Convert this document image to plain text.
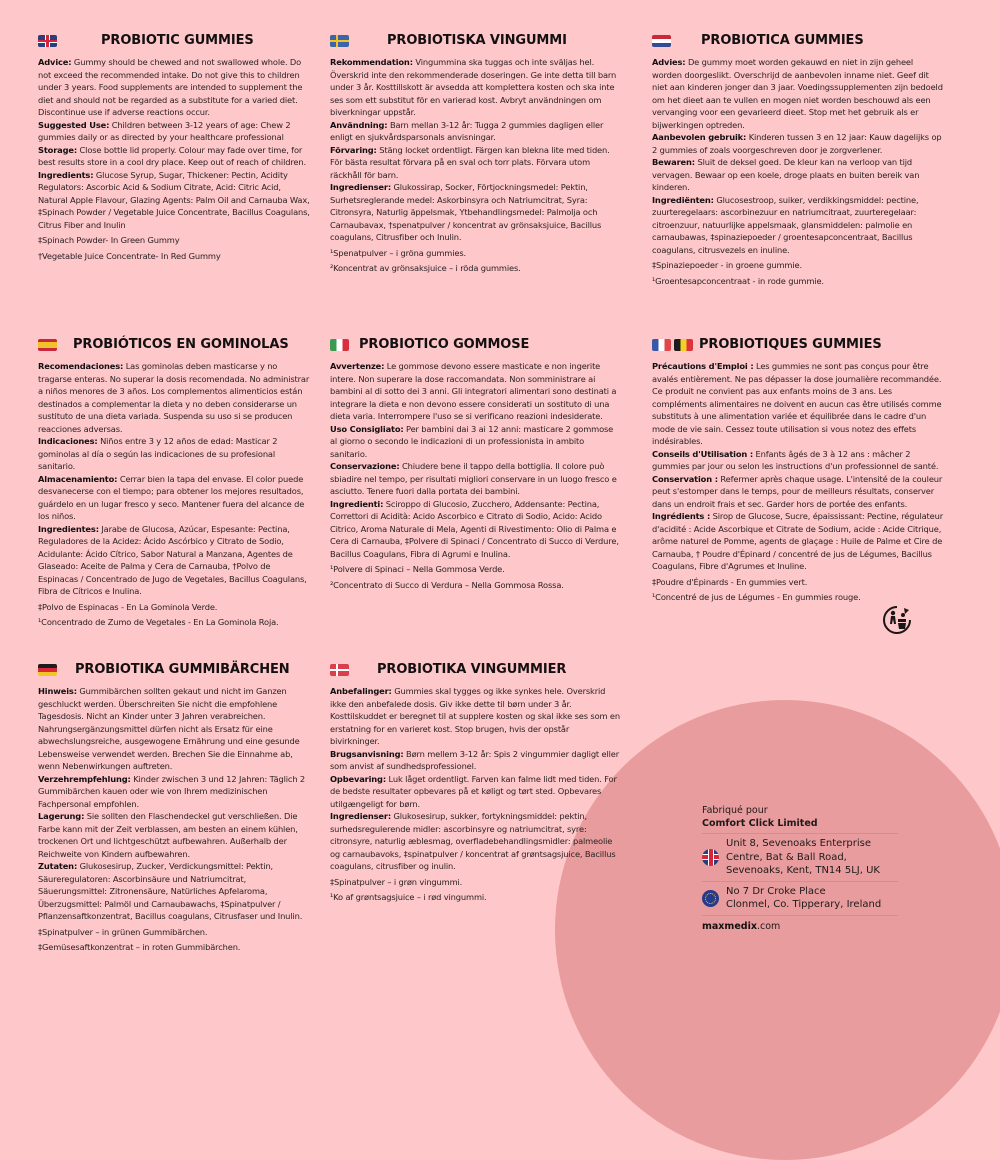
PROBIOTIC GUMMIES

Advice: Gummy should be chewed and not swallowed whole. Do not exceed the recommended intake. Do not give this to children under 3 years. Food supplements are intended to supplement the diet and should not be regarded as a substitute for a varied diet. Discontinue use if adverse reactions occur.

Suggested Use: Children between 3-12 years of age: Chew 2 gummies daily or as directed by your healthcare professional

Storage: Close bottle lid properly. Colour may fade over time, for best results store in a cool dry place. Keep out of reach of children.

Ingredients: Glucose Syrup, Sugar, Thickener: Pectin, Acidity Regulators: Ascorbic Acid & Sodium Citrate, Acid: Citric Acid, Natural Apple Flavour, Glazing Agents: Palm Oil and Carnauba Wax, ‡Spinach Powder / Vegetable Juice Concentrate, Bacillus Coagulans, Citrus Fiber and Inulin

‡Spinach Powder- In Green Gummy

†Vegetable Juice Concentrate- In Red Gummy

PROBIOTISKA VINGUMMI

Rekommendation: Vingummina ska tuggas och inte sväljas hel. Överskrid inte den rekommenderade doseringen. Ge inte detta till barn under 3 år. Kosttillskott är avsedda att komplettera kosten och ska inte ses som ett substitut för en varierad kost. Avbryt användningen om biverkningar uppstår.

Användning: Barn mellan 3-12 år: Tugga 2 gummies dagligen eller enligt en sjukvårdsparsonals anvisningar.

Förvaring: Stäng locket ordentligt. Färgen kan blekna lite med tiden. För bästa resultat förvara på en sval och torr plats. Förvara utom räckhåll för barn.

Ingredienser: Glukossirap, Socker, Förtjockningsmedel: Pektin, Surhetsreglerande medel: Askorbinsyra och Natriumcitrat, Syra: Citronsyra, Naturlig äppelsmak, Ytbehandlingsmedel: Palmolja och Carnaubavax, †spenatpulver / koncentrat av grönsaksjuice, Bacillus coagulans, Citrusfiber och Inulin.

¹Spenatpulver – i gröna gummies.

²Koncentrat av grönsaksjuice – i röda gummies.

PROBIOTICA GUMMIES

Advies: De gummy moet worden gekauwd en niet in zijn geheel worden doorgeslikt. Overschrijd de aanbevolen inname niet. Geef dit niet aan kinderen jonger dan 3 jaar. Voedingssupplementen zijn bedoeld om het dieet aan te vullen en mogen niet worden beschouwd als een vervanging voor een gevarieerd dieet. Stop met het gebruik als er bijwerkingen optreden.

Aanbevolen gebruik: Kinderen tussen 3 en 12 jaar: Kauw dagelijks op 2 gummies of zoals voorgeschreven door je zorgverlener.

Bewaren: Sluit de deksel goed. De kleur kan na verloop van tijd vervagen. Bewaar op een koele, droge plaats en buiten bereik van kinderen.

Ingrediënten: Glucosestroop, suiker, verdikkingsmiddel: pectine, zuurteregelaars: ascorbinezuur en natriumcitraat, zuurteregelaar: citroenzuur, natuurlijke appelsmaak, glansmiddelen: palmolie en carnaubawas, ‡spinaziepoeder / groentesapconcentraat, Bacillus coagulans, citrusvezels en inuline.

‡Spinaziepoeder - in groene gummie.

¹Groentesapconcentraat - in rode gummie.

PROBIÓTICOS EN GOMINOLAS

Recomendaciones: Las gominolas deben masticarse y no tragarse enteras. No superar la dosis recomendada. No administrar a niños menores de 3 años. Los complementos alimenticios están destinados a complementar la dieta y no deben considerarse un sustituto de una dieta variada. Suspenda su uso si se producen reacciones adversas.

Indicaciones: Niños entre 3 y 12 años de edad: Masticar 2 gominolas al día o según las indicaciones de su profesional sanitario.

Almacenamiento: Cerrar bien la tapa del envase. El color puede desvanecerse con el tiempo; para obtener los mejores resultados, guárdelo en un lugar fresco y seco. Mantener fuera del alcance de los niños.

Ingredientes: Jarabe de Glucosa, Azúcar, Espesante: Pectina, Reguladores de la Acidez: Ácido Ascórbico y Citrato de Sodio, Acidulante: Ácido Cítrico, Sabor Natural a Manzana, Agentes de Glaseado: Aceite de Palma y Cera de Carnauba, †Polvo de Espinacas / Concentrado de Jugo de Vegetales, Bacillus Coagulans, Fibra de Cítricos e Inulina.

‡Polvo de Espinacas - En La Gominola Verde.

¹Concentrado de Zumo de Vegetales - En La Gominola Roja.

PROBIOTICO GOMMOSE

Avvertenze: Le gommose devono essere masticate e non ingerite intere. Non superare la dose raccomandata. Non somministrare ai bambini al di sotto dei 3 anni. Gli integratori alimentari sono destinati a integrare la dieta e non devono essere considerati un sostituto di una dieta varia. Interrompere l'uso se si verificano reazioni indesiderate.

Uso Consigliato: Per bambini dai 3 ai 12 anni: masticare 2 gommose al giorno o secondo le indicazioni di un professionista in ambito sanitario.

Conservazione: Chiudere bene il tappo della bottiglia. Il colore può sbiadire nel tempo, per risultati migliori conservare in un luogo fresco e asciutto. Tenere fuori dalla portata dei bambini.

Ingredienti: Sciroppo di Glucosio, Zucchero, Addensante: Pectina, Correttori di Acidità: Acido Ascorbico e Citrato di Sodio, Acido: Acido Citrico, Aroma Naturale di Mela, Agenti di Rivestimento: Olio di Palma e Cera di Carnauba, ‡Polvere di Spinaci / Concentrato di Succo di Verdure, Bacillus Coagulans, Fibra di Agrumi e Inulina.

¹Polvere di Spinaci – Nella Gommosa Verde.

²Concentrato di Succo di Verdura – Nella Gommosa Rossa.

PROBIOTIQUES GUMMIES

Précautions d'Emploi : Les gummies ne sont pas conçus pour être avalés entièrement. Ne pas dépasser la dose journalière recommandée. Ce produit ne convient pas aux enfants moins de 3 ans. Les compléments alimentaires ne doivent en aucun cas être utilisés comme substituts à une alimentation variée et équilibrée dans le cadre d'un mode de vie sain. Cessez toute utilisation si vous notez des effets indésirables.

Conseils d'Utilisation : Enfants âgés de 3 à 12 ans : mâcher 2 gummies par jour ou selon les instructions d'un professionnel de santé.

Conservation : Refermer après chaque usage. L'intensité de la couleur peut s'estomper dans le temps, pour de meilleurs résultats, conserver dans un endroit frais et sec. Garder hors de portée des enfants.

Ingrédients : Sirop de Glucose, Sucre, épaississant: Pectine, régulateur d'acidité : Acide Ascorbique et Citrate de Sodium, acide : Acide Citrique, arôme naturel de Pomme, agents de glaçage : Huile de Palme et Cire de Carnauba, † Poudre d'Épinard / concentré de jus de Légumes, Bacillus Coagulans, Fibre d'Agrumes et Inuline.

‡Poudre d'Épinards - En gummies vert.

¹Concentré de jus de Légumes - En gummies rouge.

PROBIOTIKA GUMMIBÄRCHEN

Hinweis: Gummibärchen sollten gekaut und nicht im Ganzen geschluckt werden. Überschreiten Sie nicht die empfohlene Tagesdosis. Nicht an Kinder unter 3 Jahren verabreichen. Nahrungsergänzungsmittel dürfen nicht als Ersatz für eine abwechslungsreiche, ausgewogene Ernährung und eine gesunde Lebensweise verwendet werden. Brechen Sie die Einnahme ab, wenn Nebenwirkungen auftreten.

Verzehrempfehlung: Kinder zwischen 3 und 12 Jahren: Täglich 2 Gummibärchen kauen oder wie von Ihrem medizinischen Fachpersonal empfohlen.

Lagerung: Sie sollten den Flaschendeckel gut verschließen. Die Farbe kann mit der Zeit verblassen, am besten an einem kühlen, trockenen Ort und lichtgeschützt aufbewahren. Außerhalb der Reichweite von Kindern aufbewahren.

Zutaten: Glukosesirup, Zucker, Verdickungsmittel: Pektin, Säureregulatoren: Ascorbinsäure und Natriumcitrat, Säuerungsmittel: Zitronensäure, Natürliches Apfelaroma, Überzugsmittel: Palmöl und Carnaubawachs, ‡Spinatpulver / Pflanzensaftkonzentrat, Bacillus coagulans, Citrusfaser und Inulin.

‡Spinatpulver – in grünen Gummibärchen.

‡Gemüsesaftkonzentrat – in roten Gummibärchen.

PROBIOTIKA VINGUMMIER

Anbefalinger: Gummies skal tygges og ikke synkes hele. Overskrid ikke den anbefalede dosis. Giv ikke dette til børn under 3 år. Kosttilskuddet er beregnet til at supplere kosten og skal ikke ses som en erstatning for en varieret kost. Stop brugen, hvis der opstår bivirkninger.

Brugsanvisning: Børn mellem 3-12 år: Spis 2 vingummier dagligt eller som anvist af sundhedsprofessionel.

Opbevaring: Luk låget ordentligt. Farven kan falme lidt med tiden. For de bedste resultater opbevares på et køligt og tørt sted. Opbevares utilgængeligt for børn.

Ingredienser: Glukosesirup, sukker, fortykningsmiddel: pektin, surhedsregulerende midler: ascorbinsyre og natriumcitrat, syre: citronsyre, naturlig æblesmag, overfladebehandlingsmidler: palmeolie og carnaubavoks, ‡spinatpulver / koncentrat af grøntsagsjuice, Bacillus coagulans, citrusfiber og inulin.

‡Spinatpulver – i grøn vingummi.

¹Ko af grøntsagsjuice – i rød vingummi.

Fabriqué pour
Comfort Click Limited
Unit 8, Sevenoaks Enterprise
Centre, Bat & Ball Road,
Sevenoaks, Kent, TN14 5LJ, UK
No 7 Dr Croke Place
Clonmel, Co. Tipperary, Ireland
maxmedix.com
